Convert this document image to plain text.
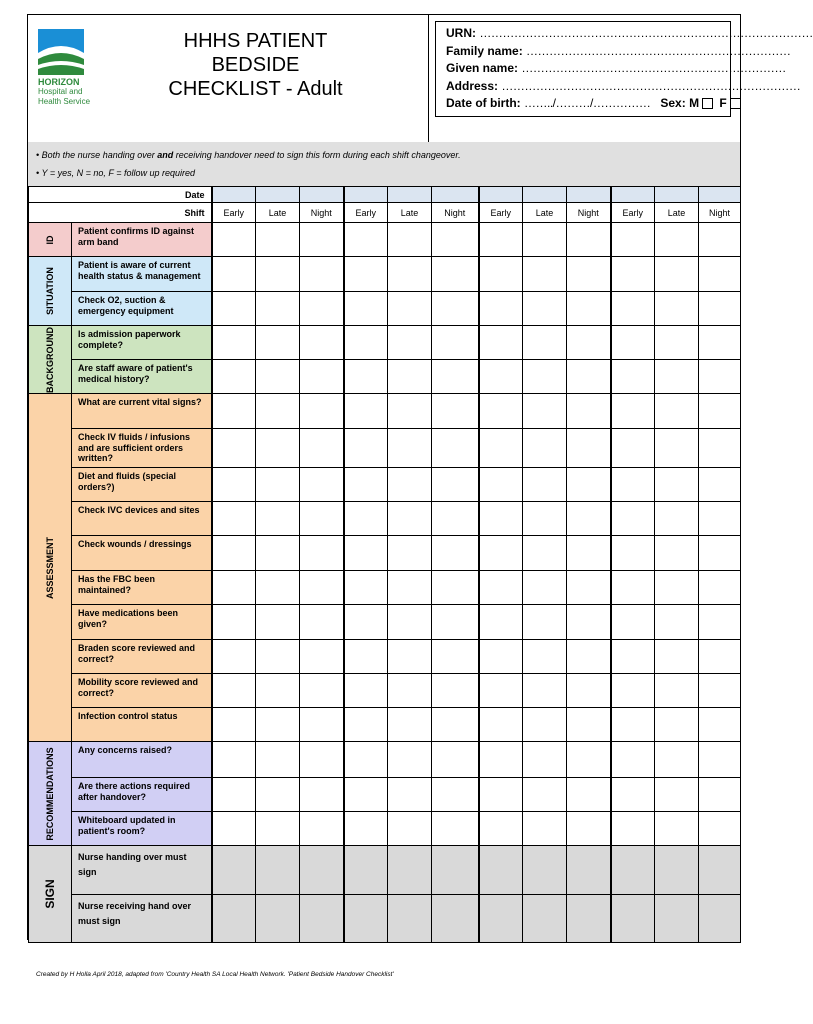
HORIZON
Hospital and
Health Service
HHHS PATIENT
BEDSIDE
CHECKLIST - Adult
URN: ……………………………………………………………………………
Family name: ……………………………………………………………
Given name: ……………………………………………………………
Address: ……………………………………………………………………
Date of birth: ……../………/…………… Sex: M F
• Both the nurse handing over and receiving handover need to sign this form during each shift changeover.
• Y = yes, N = no, F = follow up required
Date													
Shift		Early	Late	Night	Early	Late	Night	Early	Late	Night	Early	Late	Night

ID	Patient confirms ID against arm band												

SITUATION	Patient is aware of current health status & management												
	Check O2, suction & emergency equipment												

BACKGROUND	Is admission paperwork complete?												
	Are staff aware of patient's medical history?												

ASSESSMENT	What are current vital signs?												
	Check IV fluids / infusions and are sufficient orders written?												
	Diet and fluids (special orders?)												
	Check IVC devices and sites												
	Check wounds / dressings												
	Has the FBC been maintained?												
	Have medications been given?												
	Braden score reviewed and correct?												
	Mobility score reviewed and correct?												
	Infection control status												

RECOMMENDATIONS	Any concerns raised?												
	Are there actions required after handover?												
	Whiteboard updated in patient's room?												

SIGN	Nurse handing over must sign												
	Nurse receiving hand over must sign												
Created by H Holla April 2018, adapted from 'Country Health SA Local Health Network. 'Patient Bedside Handover Checklist'
